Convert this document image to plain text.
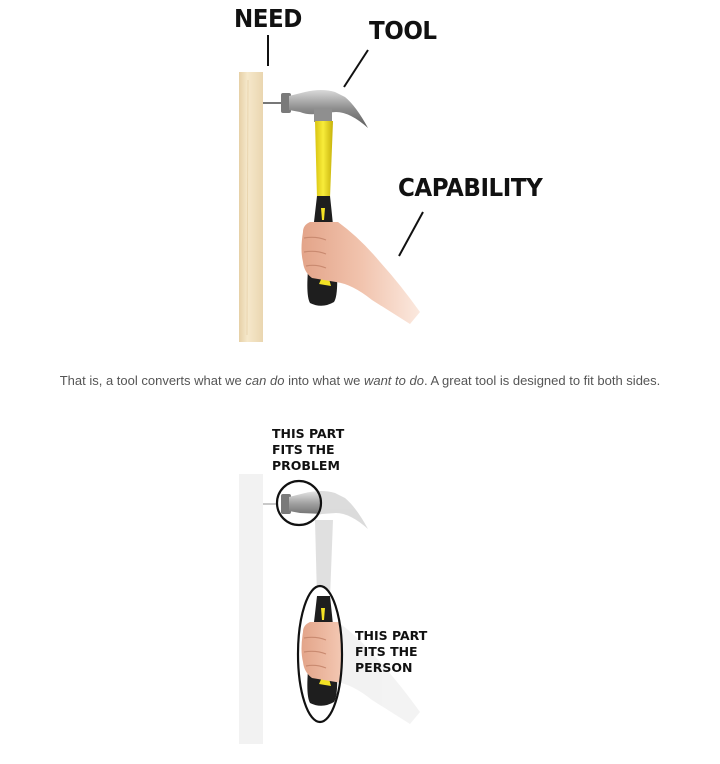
NEED	TOOL
CAPABILITY

That is, a tool converts what we can do into what we want to do. A great tool is designed to fit both sides.

THIS PART
FITS THE
PROBLEM
THIS PART
FITS THE
PERSON
